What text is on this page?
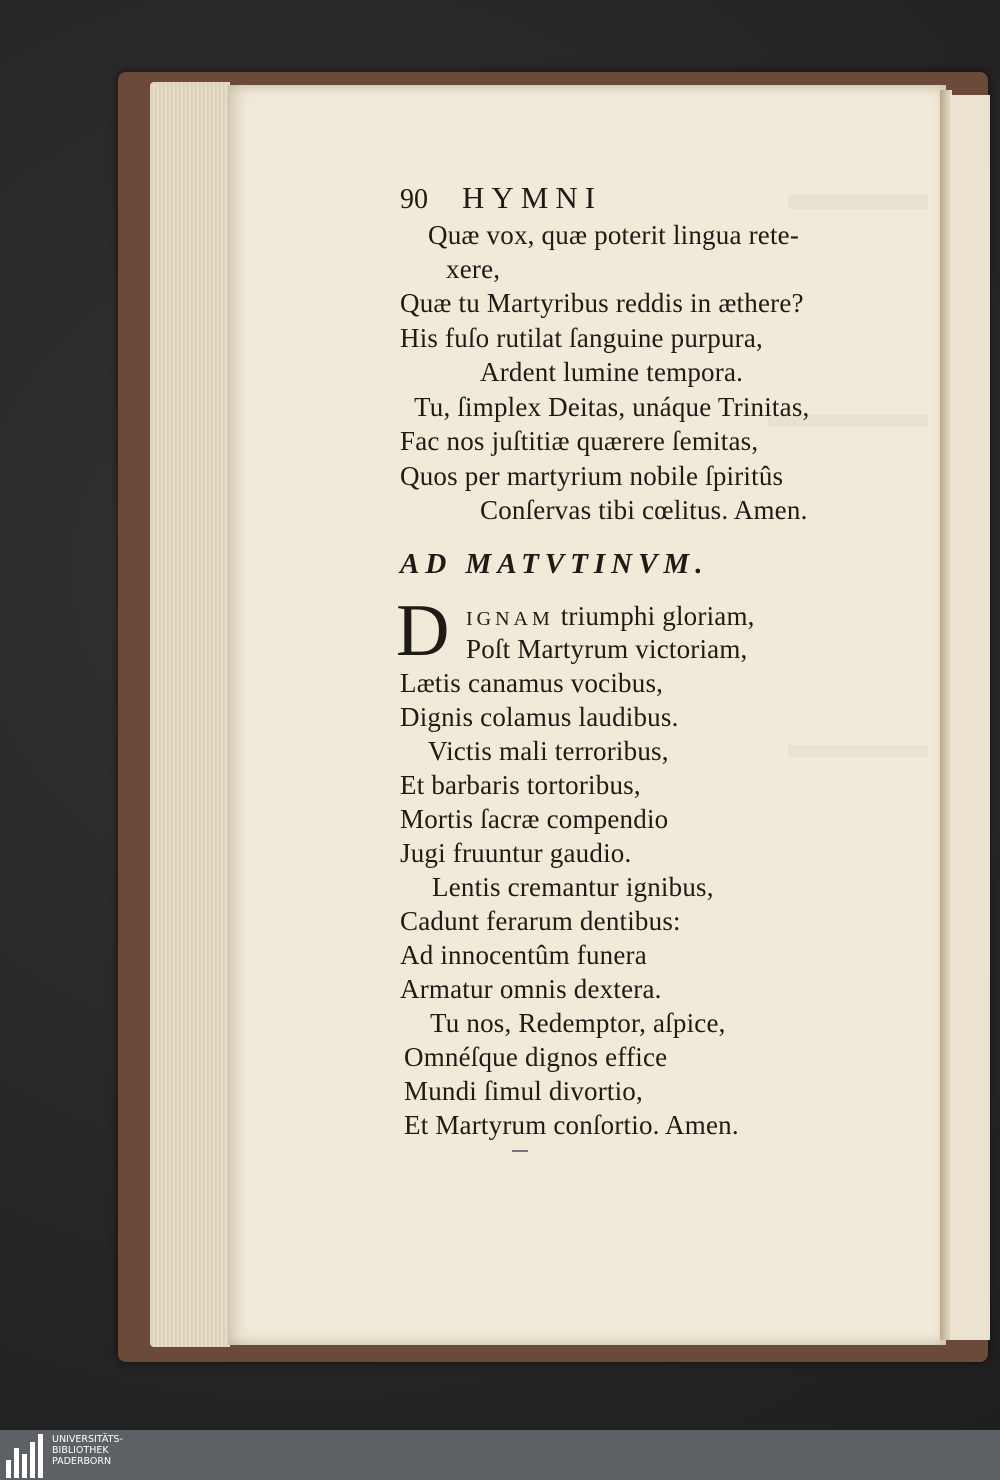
90 HYMNI
Quæ vox, quæ poterit lingua rete-
xere,
Quæ tu Martyribus reddis in æthere?
His fuſo rutilat ſanguine purpura,
Ardent lumine tempora.
Tu, ſimplex Deitas, unáque Trinitas,
Fac nos juſtitiæ quærere ſemitas,
Quos per martyrium nobile ſpiritûs
Conſervas tibi cœlitus. Amen.
AD MATVTINVM.
D IGNAM triumphi gloriam,
Poſt Martyrum victoriam,
Lætis canamus vocibus,
Dignis colamus laudibus.
Victis mali terroribus,
Et barbaris tortoribus,
Mortis ſacræ compendio
Jugi fruuntur gaudio.
Lentis cremantur ignibus,
Cadunt ferarum dentibus:
Ad innocentûm funera
Armatur omnis dextera.
Tu nos, Redemptor, aſpice,
Omnéſque dignos effice
Mundi ſimul divortio,
Et Martyrum conſortio. Amen.
UNIVERSITÄTS-
BIBLIOTHEK
PADERBORN
